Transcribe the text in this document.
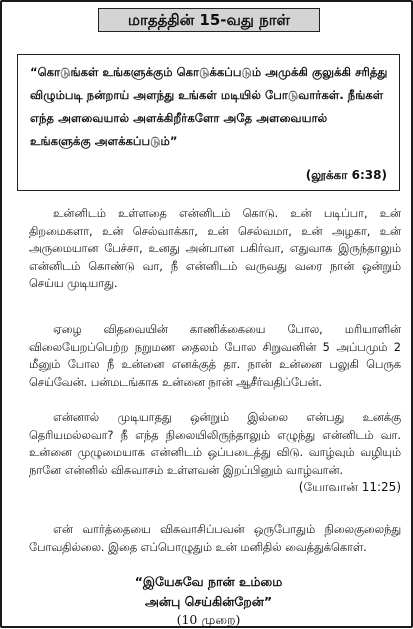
மாதத்தின் 15-வது நாள்

“கொடுங்கள் உங்களுக்கும் கொடுக்கப்படும் அமுக்கி குலுக்கி சரித்து விழும்படி நன்றாய் அளந்து உங்கள் மடியில் போடுவார்கள். நீங்கள் எந்த அளவையால் அளக்கிறீர்களோ அதே அளவையால் உங்களுக்கு அளக்கப்படும்”

(லூக்கா 6:38)

உன்னிடம் உள்ளதை என்னிடம் கொடு. உன் படிப்பா, உன் திறமைகளா, உன் செல்வாக்கா, உன் செல்வமா, உன் அழகா, உன் அருமையான பேச்சா, உனது அன்பான பகிர்வா, எதுவாக இருந்தாலும் என்னிடம் கொண்டு வா, நீ என்னிடம் வருவது வரை நான் ஒன்றும் செய்ய முடியாது.

ஏழை விதவையின் காணிக்கையை போல, மரியாளின் விலையேறப்பெற்ற நறுமண தைலம் போல சிறுவனின் 5 அப்பமும் 2 மீனும் போல நீ உன்னை எனக்குத் தா. நான் உன்னை பலுகி பெருக செய்வேன். பன்மடங்காக உன்னை நான் ஆசீர்வதிப்பேன்.

என்னால் முடியாதது ஒன்றும் இல்லை என்பது உனக்கு தெரியமல்லவா? நீ எந்த நிலையிலிருந்தாலும் எழுந்து என்னிடம் வா. உன்னை முழுமையாக என்னிடம் ஒப்படைத்து விடு. வாழ்வும் வழியும் நானே என்னில் விசுவாசம் உள்ளவன் இறப்பினும் வாழ்வான்.
(யோவான் 11:25)

என் வார்த்தையை விசுவாசிப்பவன் ஒருபோதும் நிலைகுலைந்து போவதில்லை. இதை எப்பொழுதும் உன் மனிதில் வைத்துக்கொள்.

“இயேசுவே நான் உம்மை
அன்பு செய்கின்றேன்”
(10 முறை)
